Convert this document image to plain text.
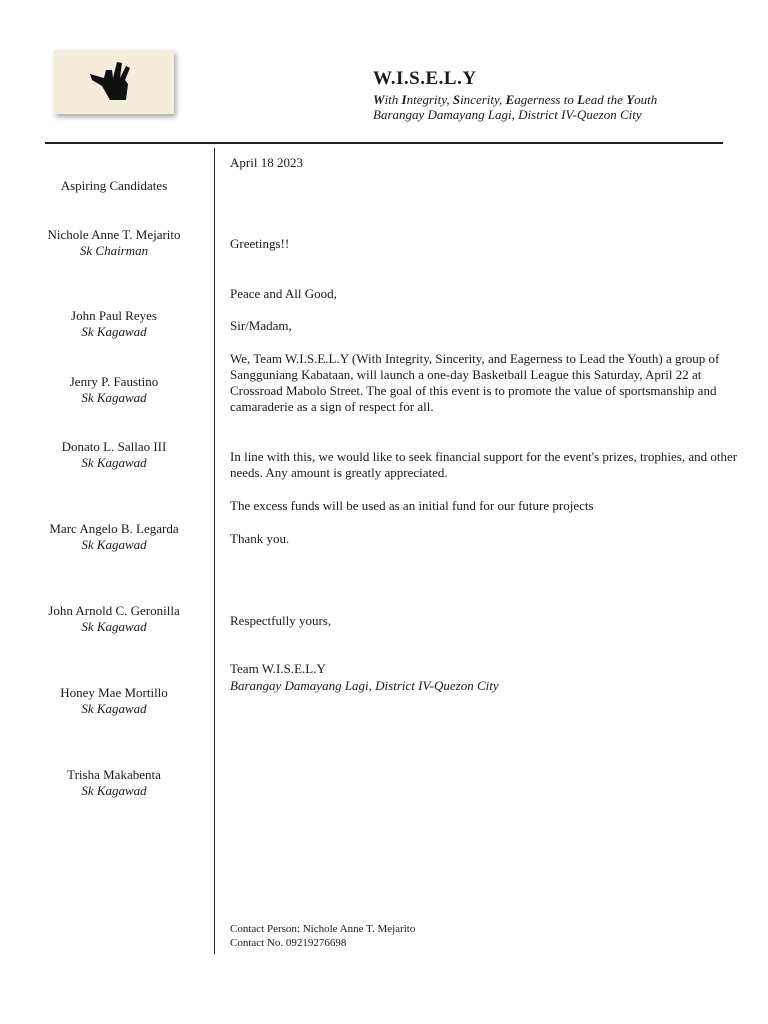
W.I.S.E.L.Y
With Integrity, Sincerity, Eagerness to Lead the Youth
Barangay Damayang Lagi, District IV-Quezon City
Aspiring Candidates
Nichole Anne T. Mejarito
Sk Chairman
John Paul Reyes
Sk Kagawad
Jenry P. Faustino
Sk Kagawad
Donato L. Sallao III
Sk Kagawad
Marc Angelo B. Legarda
Sk Kagawad
John Arnold C. Geronilla
Sk Kagawad
Honey Mae Mortillo
Sk Kagawad
Trisha Makabenta
Sk Kagawad
April 18 2023
Greetings!!
Peace and All Good,
Sir/Madam,
We, Team W.I.S.E.L.Y (With Integrity, Sincerity, and Eagerness to Lead the Youth) a group of Sangguniang Kabataan, will launch a one-day Basketball League this Saturday, April 22 at Crossroad Mabolo Street. The goal of this event is to promote the value of sportsmanship and camaraderie as a sign of respect for all.
In line with this, we would like to seek financial support for the event's prizes, trophies, and other needs. Any amount is greatly appreciated.
The excess funds will be used as an initial fund for our future projects
Thank you.
Respectfully yours,
Team W.I.S.E.L.Y
Barangay Damayang Lagi, District IV-Quezon City
Contact Person: Nichole Anne T. Mejarito
Contact No. 09219276698
